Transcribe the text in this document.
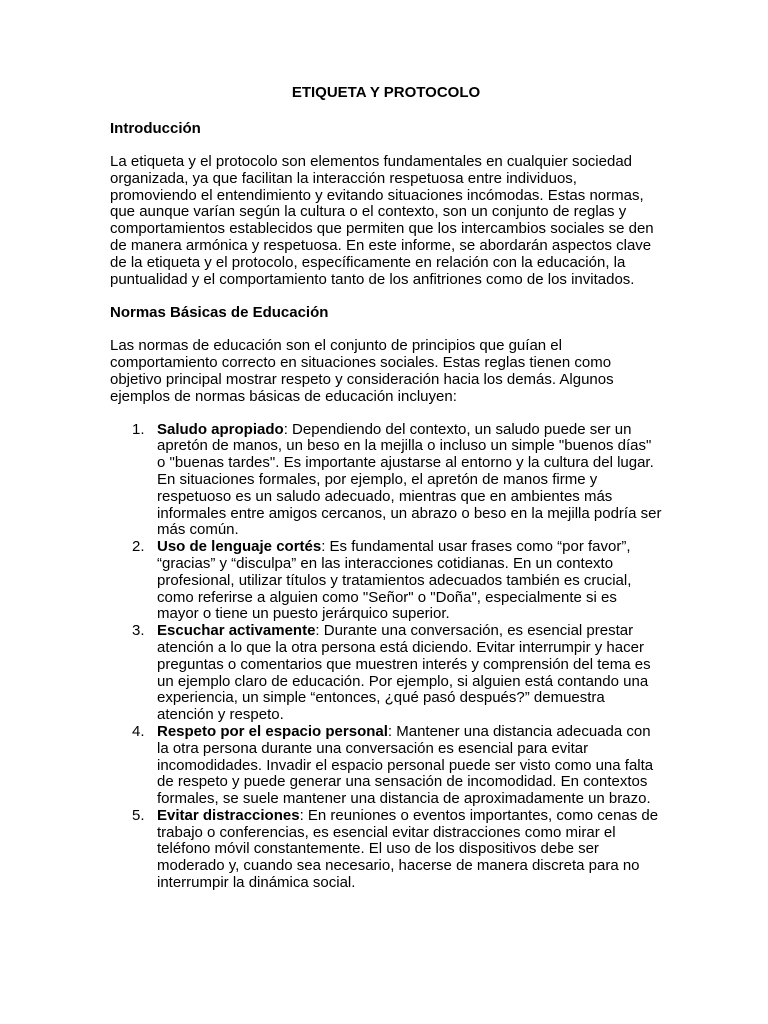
ETIQUETA Y PROTOCOLO
Introducción

La etiqueta y el protocolo son elementos fundamentales en cualquier sociedad organizada, ya que facilitan la interacción respetuosa entre individuos, promoviendo el entendimiento y evitando situaciones incómodas. Estas normas, que aunque varían según la cultura o el contexto, son un conjunto de reglas y comportamientos establecidos que permiten que los intercambios sociales se den de manera armónica y respetuosa. En este informe, se abordarán aspectos clave de la etiqueta y el protocolo, específicamente en relación con la educación, la puntualidad y el comportamiento tanto de los anfitriones como de los invitados.

Normas Básicas de Educación

Las normas de educación son el conjunto de principios que guían el comportamiento correcto en situaciones sociales. Estas reglas tienen como objetivo principal mostrar respeto y consideración hacia los demás. Algunos ejemplos de normas básicas de educación incluyen:

1. Saludo apropiado: Dependiendo del contexto, un saludo puede ser un apretón de manos, un beso en la mejilla o incluso un simple "buenos días" o "buenas tardes". Es importante ajustarse al entorno y la cultura del lugar. En situaciones formales, por ejemplo, el apretón de manos firme y respetuoso es un saludo adecuado, mientras que en ambientes más informales entre amigos cercanos, un abrazo o beso en la mejilla podría ser más común.
2. Uso de lenguaje cortés: Es fundamental usar frases como “por favor”, “gracias” y “disculpa” en las interacciones cotidianas. En un contexto profesional, utilizar títulos y tratamientos adecuados también es crucial, como referirse a alguien como "Señor" o "Doña", especialmente si es mayor o tiene un puesto jerárquico superior.
3. Escuchar activamente: Durante una conversación, es esencial prestar atención a lo que la otra persona está diciendo. Evitar interrumpir y hacer preguntas o comentarios que muestren interés y comprensión del tema es un ejemplo claro de educación. Por ejemplo, si alguien está contando una experiencia, un simple “entonces, ¿qué pasó después?” demuestra atención y respeto.
4. Respeto por el espacio personal: Mantener una distancia adecuada con la otra persona durante una conversación es esencial para evitar incomodidades. Invadir el espacio personal puede ser visto como una falta de respeto y puede generar una sensación de incomodidad. En contextos formales, se suele mantener una distancia de aproximadamente un brazo.
5. Evitar distracciones: En reuniones o eventos importantes, como cenas de trabajo o conferencias, es esencial evitar distracciones como mirar el teléfono móvil constantemente. El uso de los dispositivos debe ser moderado y, cuando sea necesario, hacerse de manera discreta para no interrumpir la dinámica social.
